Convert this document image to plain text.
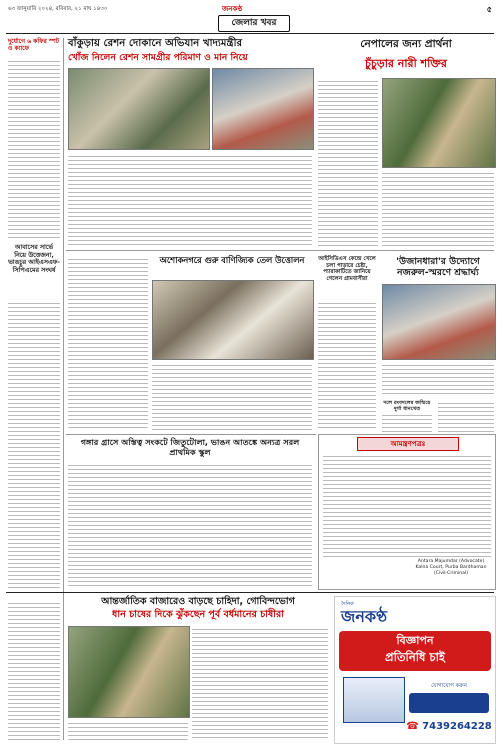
৬৩ জানুয়ারি ২০২৪, রবিবার, ২১ মাঘ ১৪৩০	জনকণ্ঠ	৫
জেলার খবর
দুর্যোগে ৬ কফির স্পট ও ক্যাফে
আবাসের সার্ভে নিয়ে উত্তেজনা, ভাঙচুর আইএসএফ- সিপিএমের সংঘর্ষ
বাঁকুড়ায় রেশন দোকানে অভিযান খাদ্যমন্ত্রীর
খোঁজ নিলেন রেশন সামগ্রীর পরিমাণ ও মান নিয়ে
নেপালের জন্য প্রার্থনা
চুঁচুড়ার নারী শক্তির
অশোকনগরে গুরু বাণিজ্যিক তেল উত্তোলন	আইসিডিএস কেন্দ্রে খেলে চলা পাড়ারে চেষ্টা, প্যারাকাটিতে জানিয়ে গেলেন গ্রামবাসীরা
'উজানধারা'র উদ্যোগে নজরুল-স্মরণে শ্রদ্ধার্ঘ্য
দলে রংবদলের জন্মিয়ে দুর্গা ধানখেত
গঙ্গার গ্রাসে অস্তিত্ব সংকটে জিতুটোলা, ভাঙন আতঙ্কে অন্যত্র সরল প্রাথমিক স্কুল
আমন্ত্রণপত্রঃ
Antara Majumdar (Advocate)
Kalna Court, Purba Bardhaman
(Civil-Criminal)
আন্তর্জাতিক বাজারেও বাড়ছে চাহিদা, গোবিন্দভোগ
ধান চাষের দিকে ঝুঁকছেন পূর্ব বর্ধমানের চাষীরা
দৈনিক
জনকণ্ঠ
বিজ্ঞাপন
প্রতিনিধি চাই
যোগাযোগ করুন
☎ 7439264228
